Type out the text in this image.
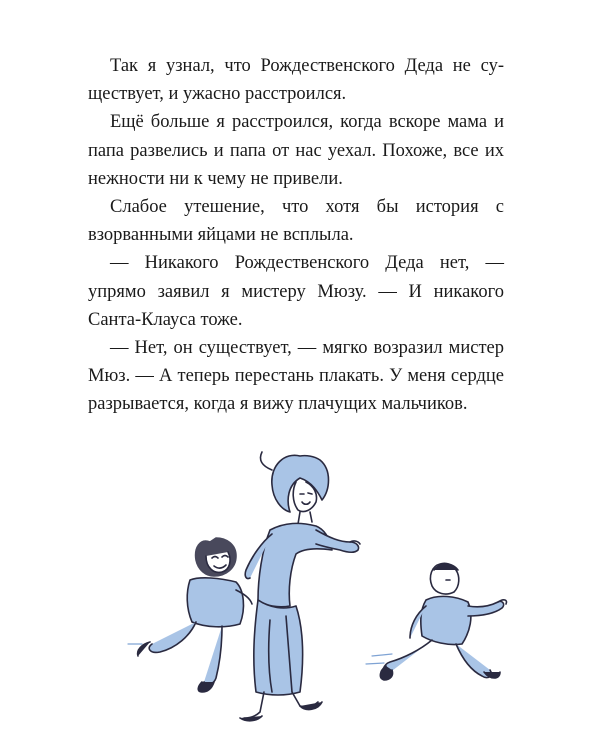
Так я узнал, что Рождественского Деда не существует, и ужасно расстроился.

Ещё больше я расстроился, когда вскоре мама и папа развелись и папа от нас уехал. Похоже, все их нежности ни к чему не привели.

Слабое утешение, что хотя бы история с взорванными яйцами не всплыла.

— Никакого Рождественского Деда нет, — упрямо заявил я мистеру Мюзу. — И никакого Санта-Клауса тоже.

— Нет, он существует, — мягко возразил мистер Мюз. — А теперь перестань плакать. У меня сердце разрывается, когда я вижу плачущих мальчиков.
